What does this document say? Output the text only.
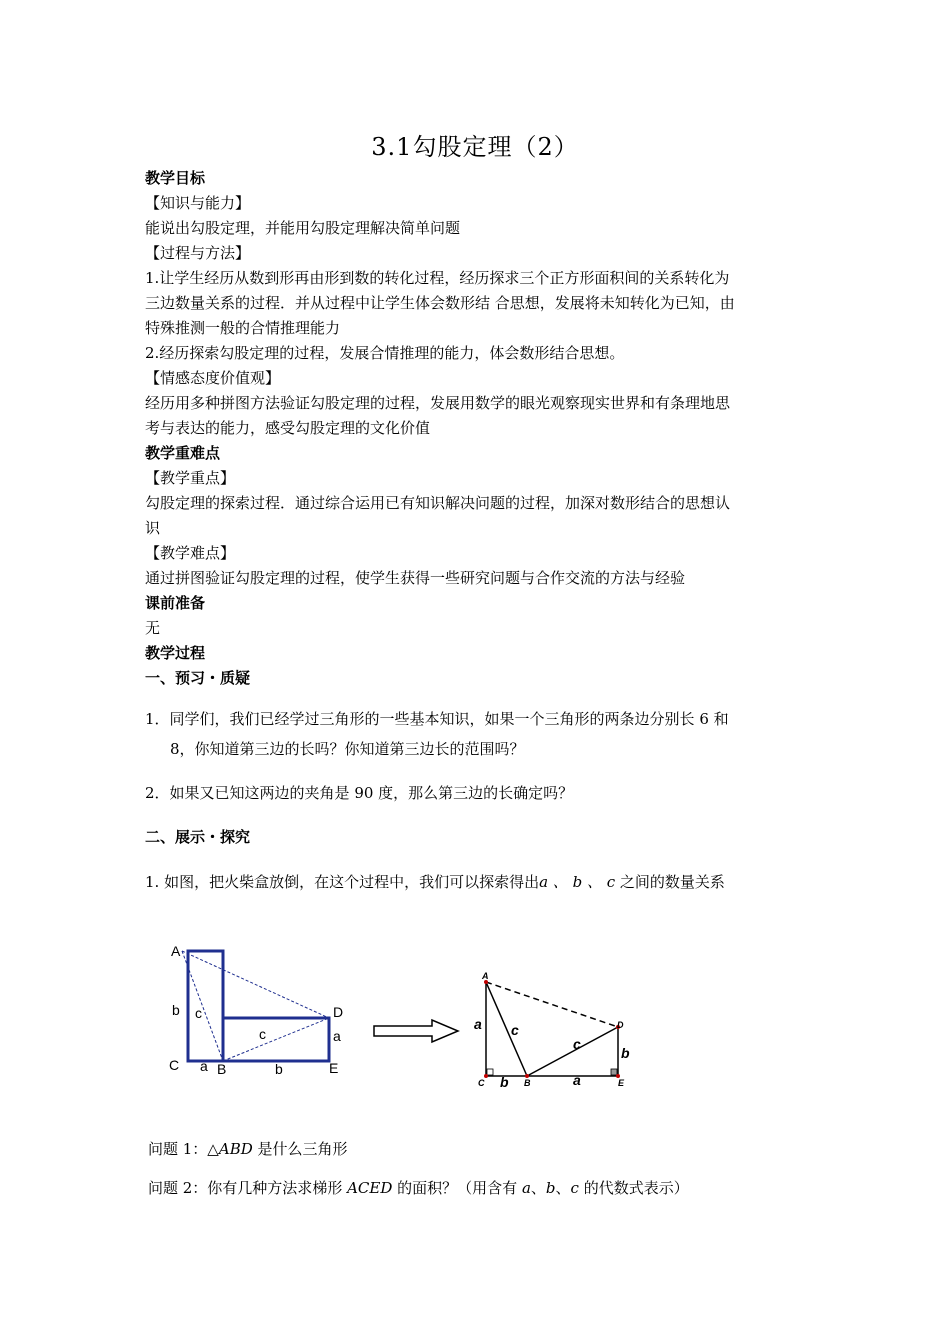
3.1勾股定理（2）
教学目标
【知识与能力】
能说出勾股定理，并能用勾股定理解决简单问题
【过程与方法】
1.让学生经历从数到形再由形到数的转化过程，经历探求三个正方形面积间的关系转化为
三边数量关系的过程．并从过程中让学生体会数形结 合思想，发展将未知转化为已知，由
特殊推测一般的合情推理能力
2.经历探索勾股定理的过程，发展合情推理的能力，体会数形结合思想。
【情感态度价值观】
经历用多种拼图方法验证勾股定理的过程，发展用数学的眼光观察现实世界和有条理地思
考与表达的能力，感受勾股定理的文化价值
教学重难点
【教学重点】
勾股定理的探索过程．通过综合运用已有知识解决问题的过程，加深对数形结合的思想认
识
【教学难点】
通过拼图验证勾股定理的过程，使学生获得一些研究问题与合作交流的方法与经验
课前准备
无
教学过程
一、预习・质疑
1．同学们，我们已经学过三角形的一些基本知识，如果一个三角形的两条边分别长 6 和
8，你知道第三边的长吗？你知道第三边长的范围吗？
2．如果又已知这两边的夹角是 90 度，那么第三边的长确定吗？
二、展示・探究
1. 如图，把火柴盒放倒，在这个过程中，我们可以探索得出a 、 b 、 c 之间的数量关系
A
b c
c
D
a
C a B	b	E
A
C	B
D
E
a c
c
b
b	a
问题 1：△ABD 是什么三角形
问题 2：你有几种方法求梯形 ACED 的面积？（用含有 a、b、c 的代数式表示）
